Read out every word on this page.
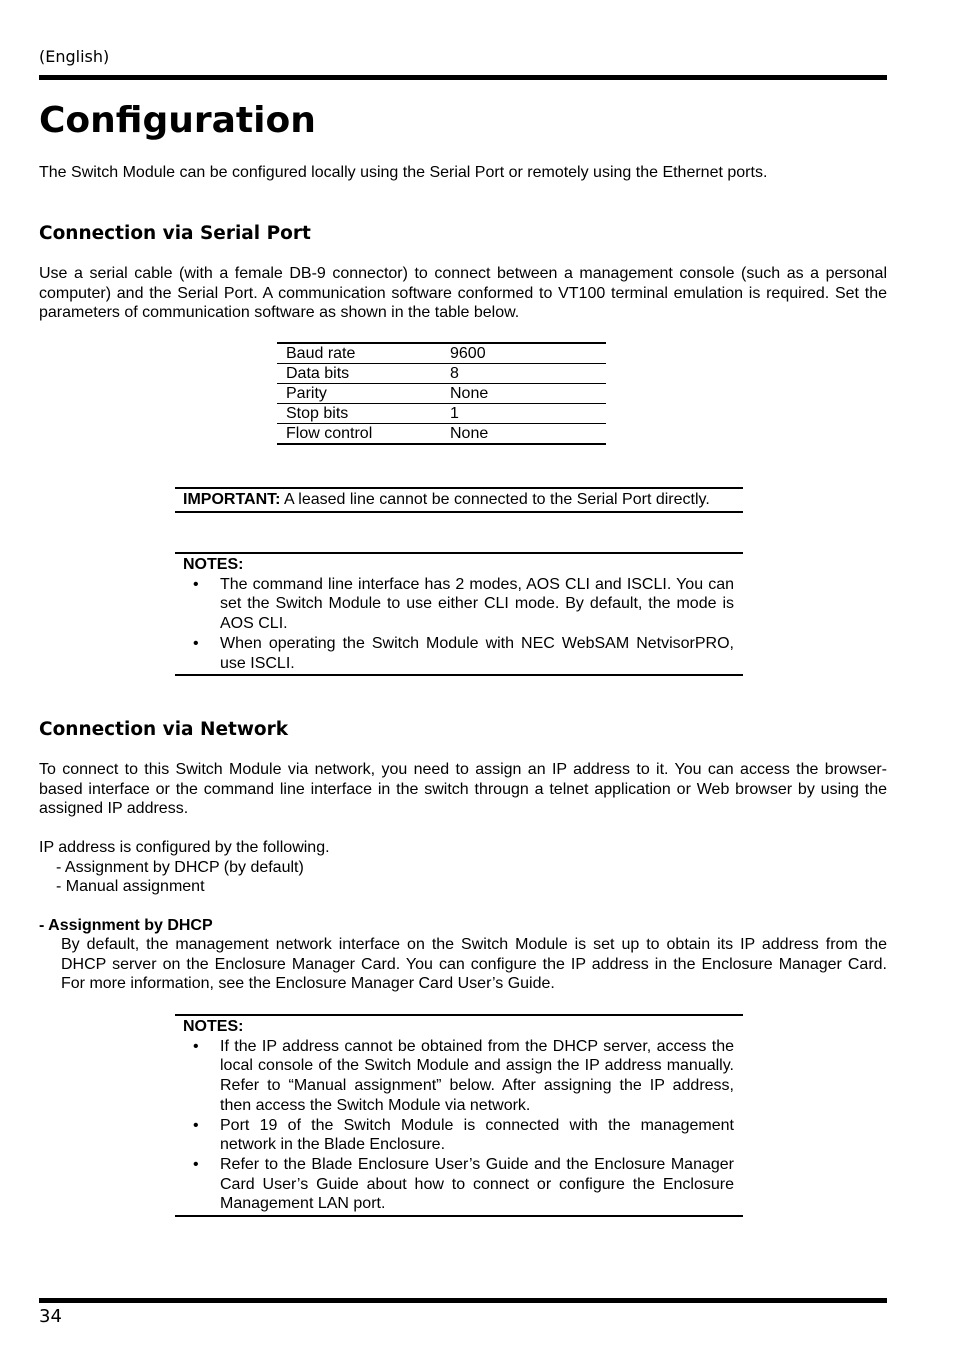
(English)
Configuration

The Switch Module can be configured locally using the Serial Port or remotely using the Ethernet ports.

Connection via Serial Port

Use a serial cable (with a female DB-9 connector) to connect between a management console (such as a personal computer) and the Serial Port. A communication software conformed to VT100 terminal emulation is required. Set the parameters of communication software as shown in the table below.

Baud rate	9600
Data bits	8
Parity	None
Stop bits	1
Flow control	None
IMPORTANT: A leased line cannot be connected to the Serial Port directly.
NOTES:
• The command line interface has 2 modes, AOS CLI and ISCLI. You can set the Switch Module to use either CLI mode. By default, the mode is AOS CLI.
• When operating the Switch Module with NEC WebSAM NetvisorPRO, use ISCLI.
Connection via Network

To connect to this Switch Module via network, you need to assign an IP address to it. You can access the browser-based interface or the command line interface in the switch througn a telnet application or Web browser by using the assigned IP address.

IP address is configured by the following.
- Assignment by DHCP (by default)
- Manual assignment
- Assignment by DHCP

By default, the management network interface on the Switch Module is set up to obtain its IP address from the DHCP server on the Enclosure Manager Card. You can configure the IP address in the Enclosure Manager Card. For more information, see the Enclosure Manager Card User’s Guide.

NOTES:
• If the IP address cannot be obtained from the DHCP server, access the local console of the Switch Module and assign the IP address manually. Refer to “Manual assignment” below. After assigning the IP address, then access the Switch Module via network.
• Port 19 of the Switch Module is connected with the management network in the Blade Enclosure.
• Refer to the Blade Enclosure User’s Guide and the Enclosure Manager Card User’s Guide about how to connect or configure the Enclosure Management LAN port.
34
